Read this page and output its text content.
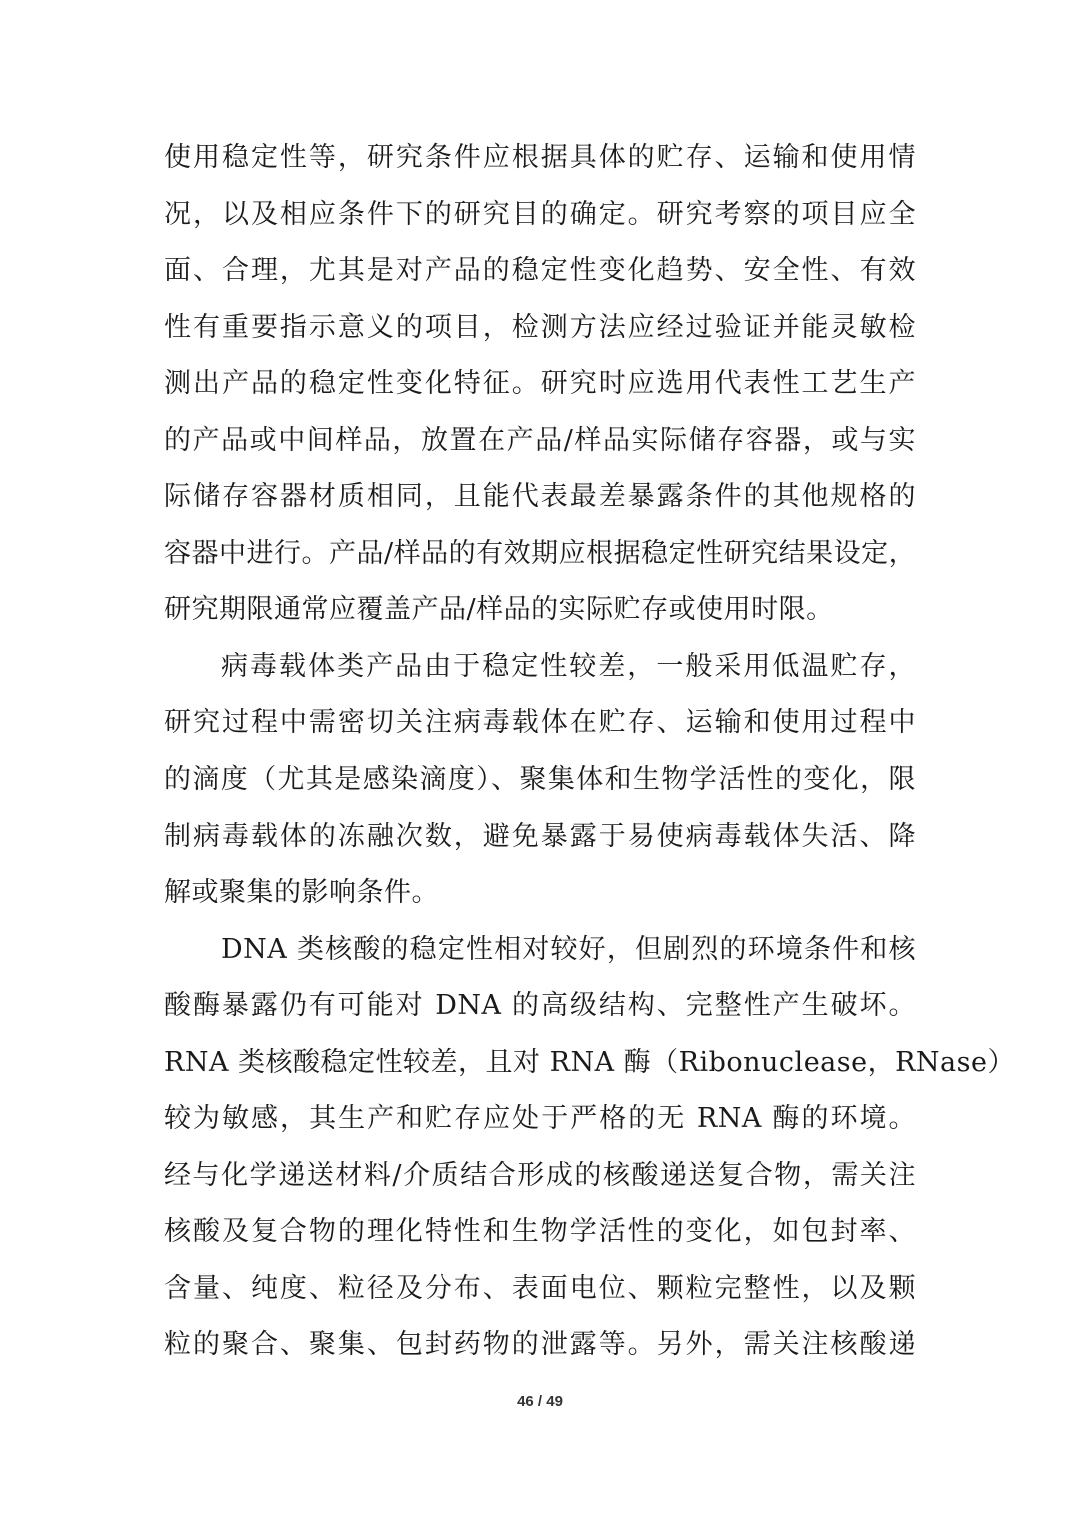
使用稳定性等，研究条件应根据具体的贮存、运输和使用情
况，以及相应条件下的研究目的确定。研究考察的项目应全
面、合理，尤其是对产品的稳定性变化趋势、安全性、有效
性有重要指示意义的项目，检测方法应经过验证并能灵敏检
测出产品的稳定性变化特征。研究时应选用代表性工艺生产
的产品或中间样品，放置在产品/样品实际储存容器，或与实
际储存容器材质相同，且能代表最差暴露条件的其他规格的
容器中进行。产品/样品的有效期应根据稳定性研究结果设定，
研究期限通常应覆盖产品/样品的实际贮存或使用时限。
病毒载体类产品由于稳定性较差，一般采用低温贮存，
研究过程中需密切关注病毒载体在贮存、运输和使用过程中
的滴度（尤其是感染滴度）、聚集体和生物学活性的变化，限
制病毒载体的冻融次数，避免暴露于易使病毒载体失活、降
解或聚集的影响条件。
DNA 类核酸的稳定性相对较好，但剧烈的环境条件和核
酸酶暴露仍有可能对 DNA 的高级结构、完整性产生破坏。
RNA 类核酸稳定性较差，且对 RNA 酶（Ribonuclease，RNase）
较为敏感，其生产和贮存应处于严格的无 RNA 酶的环境。
经与化学递送材料/介质结合形成的核酸递送复合物，需关注
核酸及复合物的理化特性和生物学活性的变化，如包封率、
含量、纯度、粒径及分布、表面电位、颗粒完整性，以及颗
粒的聚合、聚集、包封药物的泄露等。另外，需关注核酸递
46 / 49
